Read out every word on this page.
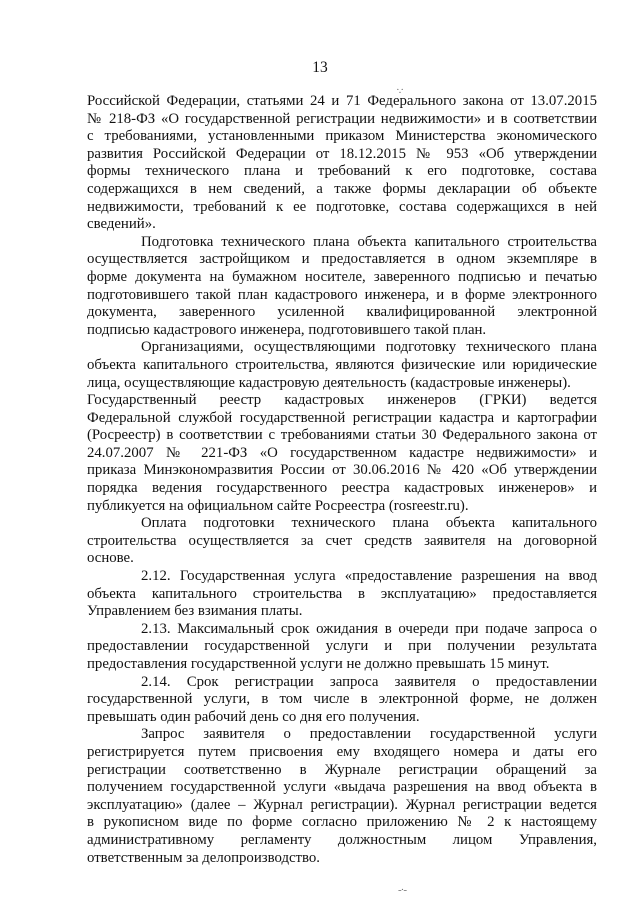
13
·.·
-·-
Российской Федерации, статьями 24 и 71 Федерального закона от 13.07.2015
№ 218-ФЗ «О государственной регистрации недвижимости» и в соответствии
с требованиями, установленными приказом Министерства экономического
развития Российской Федерации от 18.12.2015 № 953 «Об утверждении
формы технического плана и требований к его подготовке, состава
содержащихся в нем сведений, а также формы декларации об объекте
недвижимости, требований к ее подготовке, состава содержащихся в ней
сведений».
Подготовка технического плана объекта капитального строительства
осуществляется застройщиком и предоставляется в одном экземпляре в
форме документа на бумажном носителе, заверенного подписью и печатью
подготовившего такой план кадастрового инженера, и в форме электронного
документа, заверенного усиленной квалифицированной электронной
подписью кадастрового инженера, подготовившего такой план.
Организациями, осуществляющими подготовку технического плана
объекта капитального строительства, являются физические или юридические
лица, осуществляющие кадастровую деятельность (кадастровые инженеры).
Государственный реестр кадастровых инженеров (ГРКИ) ведется
Федеральной службой государственной регистрации кадастра и картографии
(Росреестр) в соответствии с требованиями статьи 30 Федерального закона от
24.07.2007 № 221-ФЗ «О государственном кадастре недвижимости» и
приказа Минэкономразвития России от 30.06.2016 № 420 «Об утверждении
порядка ведения государственного реестра кадастровых инженеров» и
публикуется на официальном сайте Росреестра (rosreestr.ru).
Оплата подготовки технического плана объекта капитального
строительства осуществляется за счет средств заявителя на договорной
основе.
2.12. Государственная услуга «предоставление разрешения на ввод
объекта капитального строительства в эксплуатацию» предоставляется
Управлением без взимания платы.
2.13. Максимальный срок ожидания в очереди при подаче запроса о
предоставлении государственной услуги и при получении результата
предоставления государственной услуги не должно превышать 15 минут.
2.14. Срок регистрации запроса заявителя о предоставлении
государственной услуги, в том числе в электронной форме, не должен
превышать один рабочий день со дня его получения.
Запрос заявителя о предоставлении государственной услуги
регистрируется путем присвоения ему входящего номера и даты его
регистрации соответственно в Журнале регистрации обращений за
получением государственной услуги «выдача разрешения на ввод объекта в
эксплуатацию» (далее – Журнал регистрации). Журнал регистрации ведется
в рукописном виде по форме согласно приложению № 2 к настоящему
административному регламенту должностным лицом Управления,
ответственным за делопроизводство.
